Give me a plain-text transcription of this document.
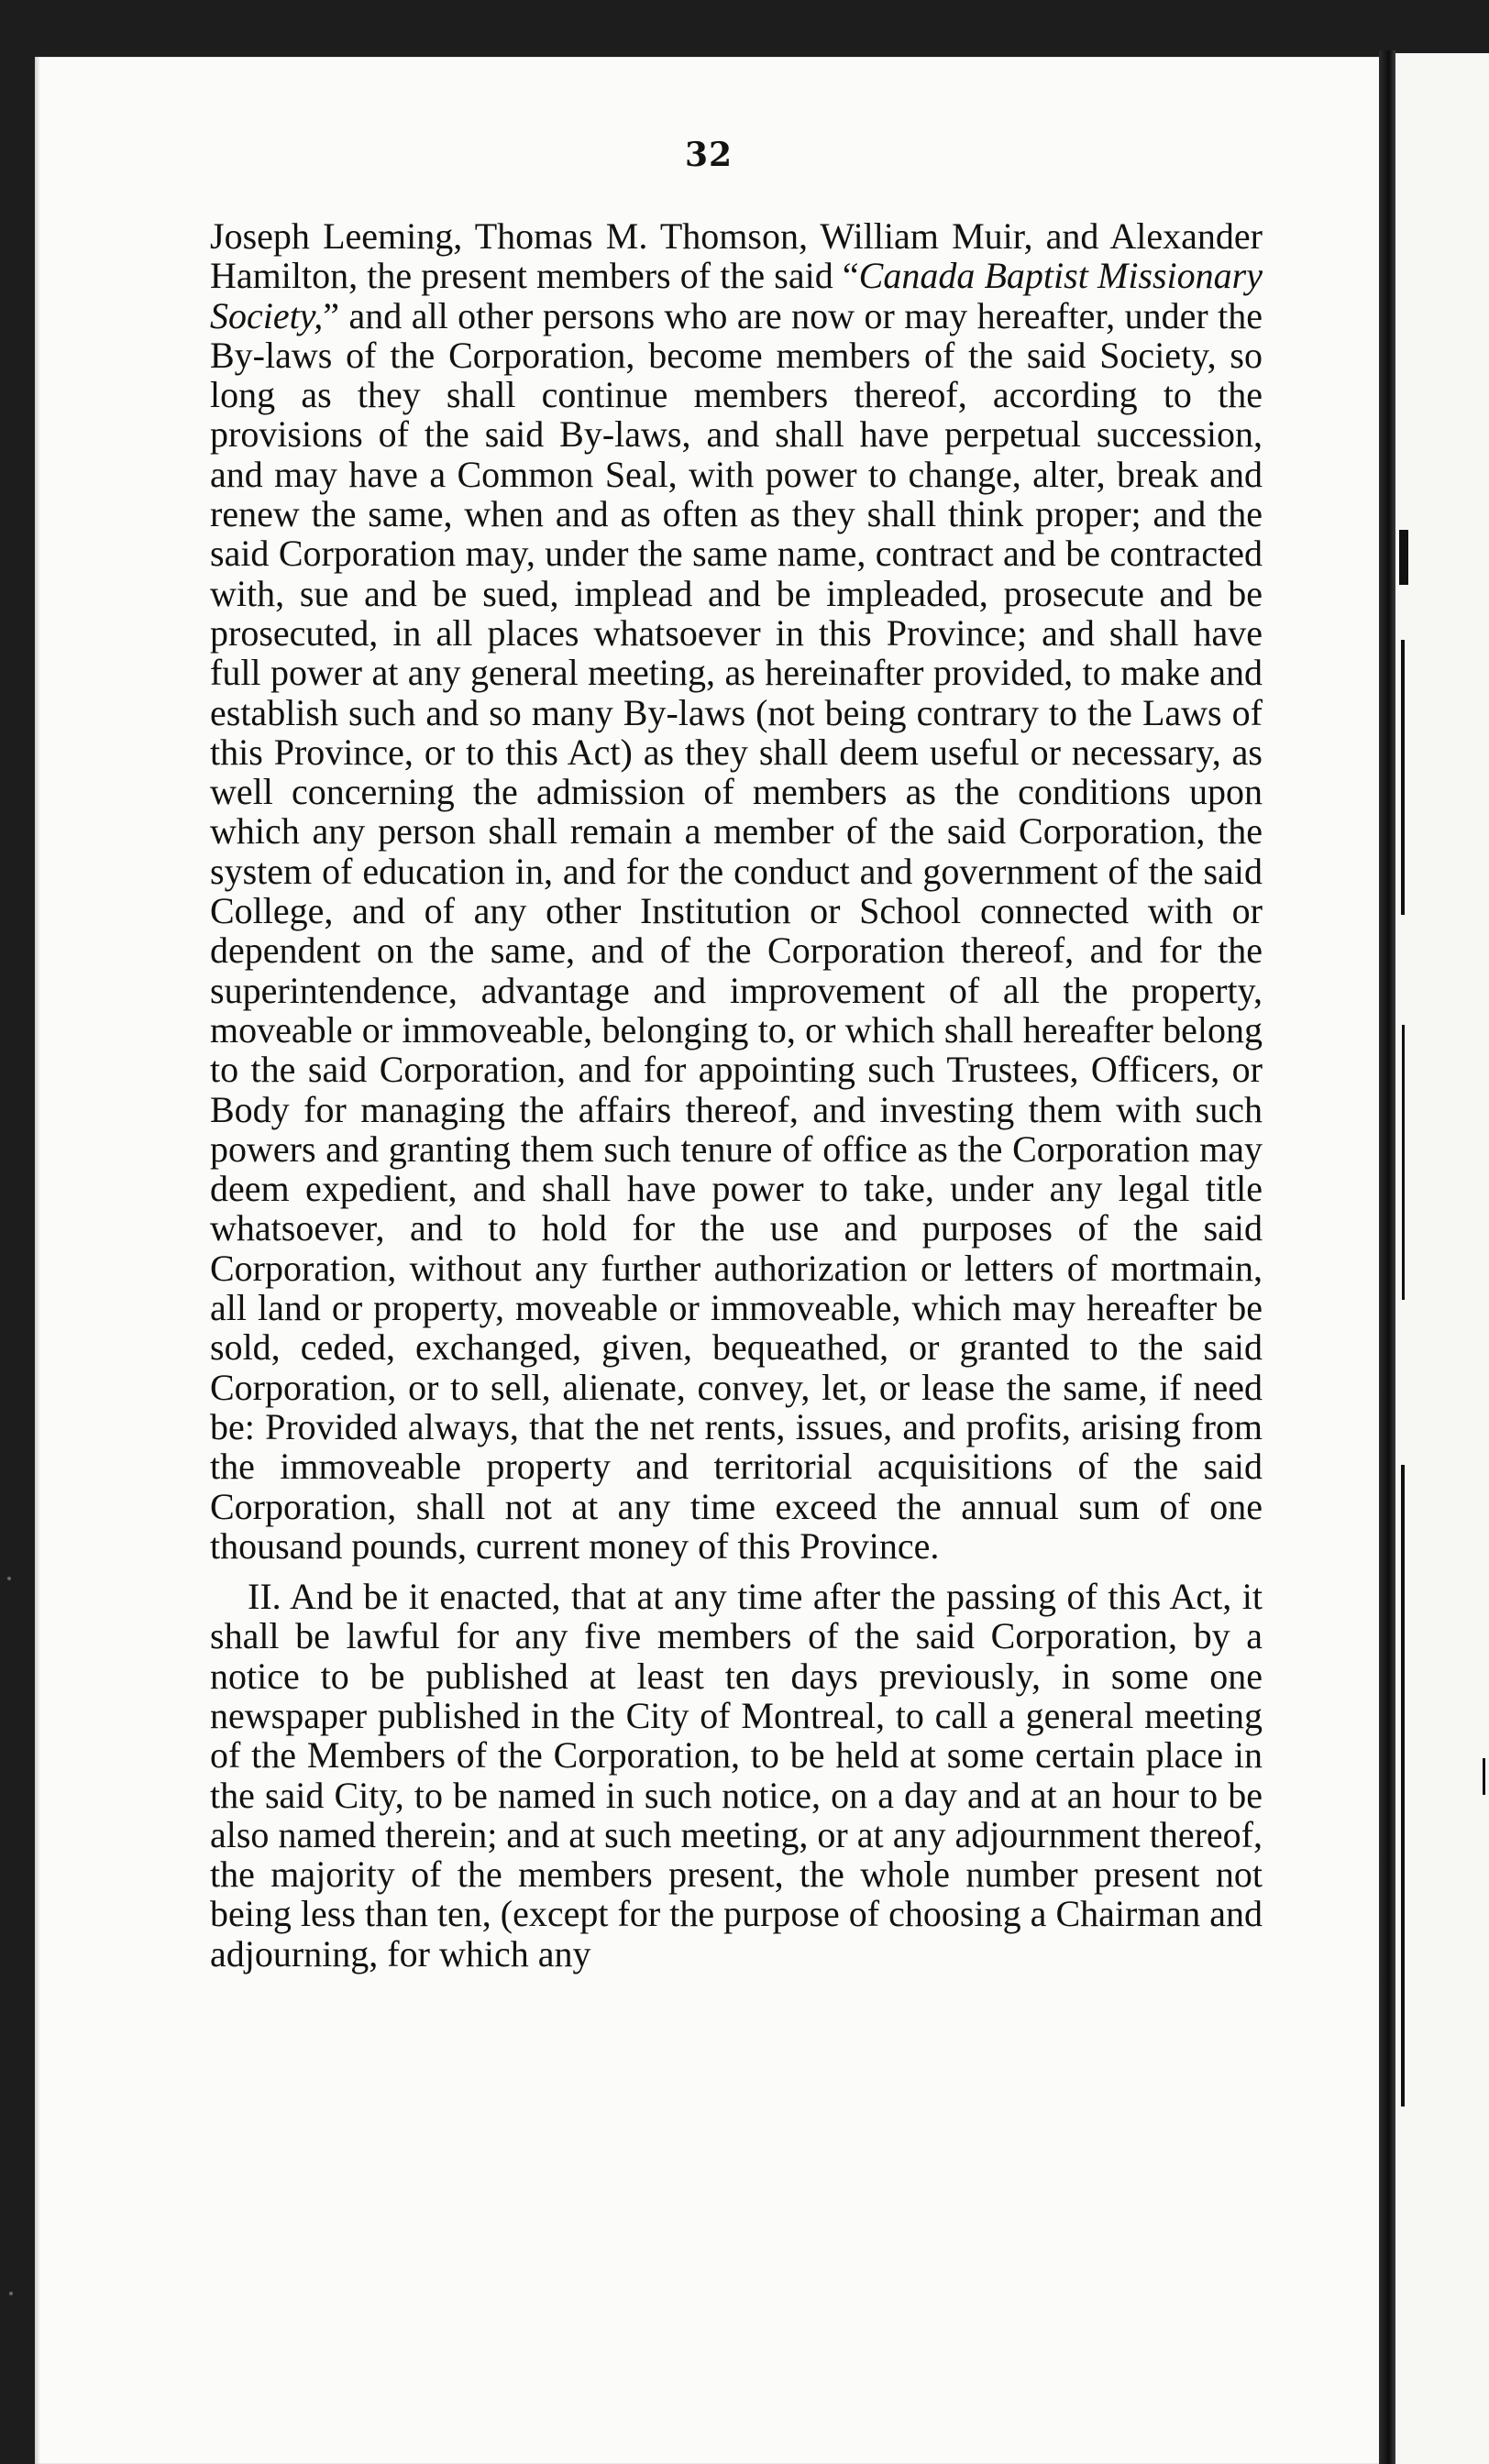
32

Joseph Leeming, Thomas M. Thomson, William Muir, and Alexander Hamilton, the present members of the said “Canada Baptist Missionary Society,” and all other persons who are now or may hereafter, under the By-laws of the Corporation, become members of the said Society, so long as they shall continue members thereof, according to the provisions of the said By-laws, and shall have perpetual succession, and may have a Common Seal, with power to change, alter, break and renew the same, when and as often as they shall think proper; and the said Corporation may, under the same name, contract and be contracted with, sue and be sued, implead and be impleaded, prosecute and be prosecuted, in all places whatsoever in this Province; and shall have full power at any general meeting, as hereinafter provided, to make and establish such and so many By-laws (not being contrary to the Laws of this Province, or to this Act) as they shall deem useful or necessary, as well concerning the admission of members as the conditions upon which any person shall remain a member of the said Corporation, the system of education in, and for the conduct and government of the said College, and of any other Institution or School connected with or dependent on the same, and of the Corporation thereof, and for the superintendence, advantage and improvement of all the property, moveable or immoveable, belonging to, or which shall hereafter belong to the said Corporation, and for appointing such Trustees, Officers, or Body for managing the affairs thereof, and investing them with such powers and granting them such tenure of office as the Corporation may deem expedient, and shall have power to take, under any legal title whatsoever, and to hold for the use and purposes of the said Corporation, without any further authorization or letters of mortmain, all land or property, moveable or immoveable, which may hereafter be sold, ceded, exchanged, given, bequeathed, or granted to the said Corporation, or to sell, alienate, convey, let, or lease the same, if need be: Provided always, that the net rents, issues, and profits, arising from the immoveable property and territorial acquisitions of the said Corporation, shall not at any time exceed the annual sum of one thousand pounds, current money of this Province.

II. And be it enacted, that at any time after the passing of this Act, it shall be lawful for any five members of the said Corporation, by a notice to be published at least ten days previously, in some one newspaper published in the City of Montreal, to call a general meeting of the Members of the Corporation, to be held at some certain place in the said City, to be named in such notice, on a day and at an hour to be also named therein; and at such meeting, or at any adjournment thereof, the majority of the members present, the whole number present not being less than ten, (except for the purpose of choosing a Chairman and adjourning, for which any
